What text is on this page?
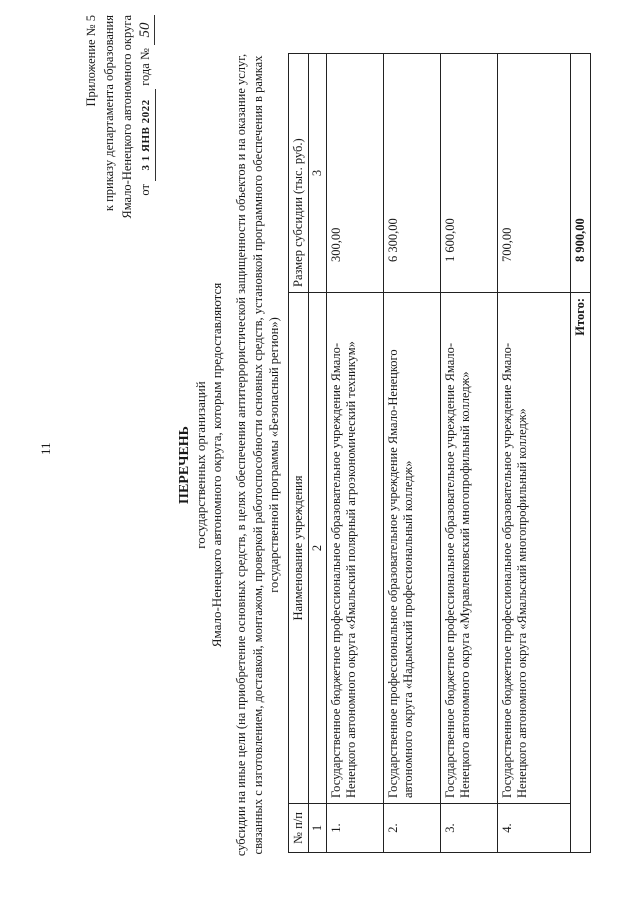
11
Приложение № 5 к приказу департамента образования Ямало-Ненецкого автономного округа от 3 1 ЯНВ 2022 года № 50
ПЕРЕЧЕНЬ государственных организаций Ямало-Ненецкого автономного округа, которым предоставляются субсидии на иные цели (на приобретение основных средств, в целях обеспечения антитеррористической защищенности объектов и на оказание услуг, связанных с изготовлением, доставкой, монтажом, проверкой работоспособности основных средств, установкой программного обеспечения в рамках государственной программы «Безопасный регион»)
№ п/п	Наименование учреждения	Размер субсидии (тыс. руб.)
1	2	3
1.	Государственное бюджетное профессиональное образовательное учреждение Ямало-Ненецкого автономного округа «Ямальский полярный агроэкономический техникум»	300,00
2.	Государственное профессиональное образовательное учреждение Ямало-Ненецкого автономного округа «Надымский профессиональный колледж»	6 300,00
3.	Государственное бюджетное профессиональное образовательное учреждение Ямало-Ненецкого автономного округа «Муравленковский многопрофильный колледж»	1 600,00
4.	Государственное бюджетное профессиональное образовательное учреждение Ямало-Ненецкого автономного округа «Ямальский многопрофильный колледж»	700,00
Итого:		8 900,00
